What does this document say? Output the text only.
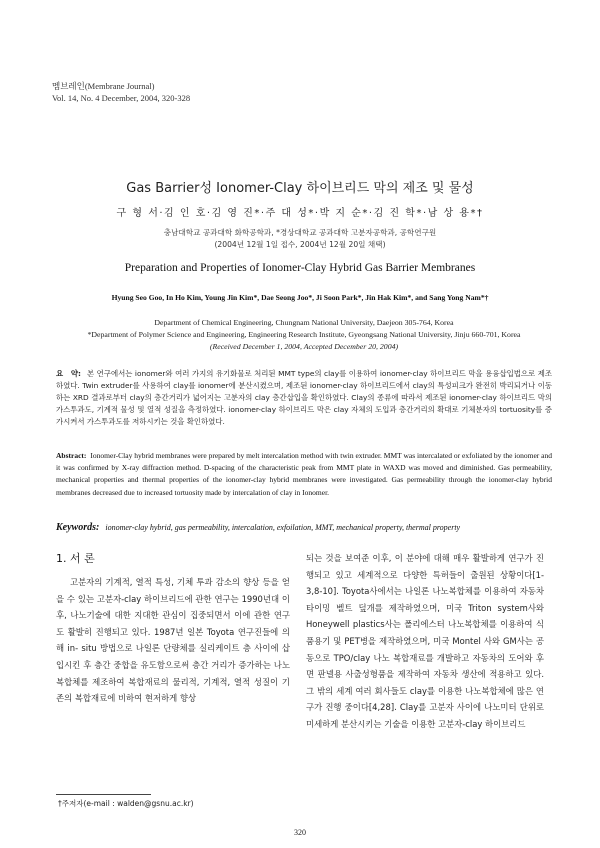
멤브레인(Membrane Journal)
Vol. 14, No. 4 December, 2004, 320-328
Gas Barrier성 Ionomer-Clay 하이브리드 막의 제조 및 물성
구 형 서·김 인 호·김 영 진*·주 대 성*·박 지 순*·김 진 학*·남 상 용*†
충남대학교 공과대학 화학공학과, *경상대학교 공과대학 고분자공학과, 공학연구원
(2004년 12월 1일 접수, 2004년 12월 20일 채택)
Preparation and Properties of Ionomer-Clay Hybrid Gas Barrier Membranes
Hyung Seo Goo, In Ho Kim, Young Jin Kim*, Dae Seong Joo*, Ji Soon Park*, Jin Hak Kim*, and Sang Yong Nam*†
Department of Chemical Engineering, Chungnam National University, Daejeon 305-764, Korea
*Department of Polymer Science and Engineering, Engineering Research Institute, Gyeongsang National University, Jinju 660-701, Korea
(Received December 1, 2004, Accepted December 20, 2004)
요　약: 본 연구에서는 ionomer와 여러 가지의 유기화물로 처리된 MMT type의 clay를 이용하여 ionomer-clay 하이브리드 막을 용융삽입법으로 제조하였다. Twin extruder를 사용하여 clay를 ionomer에 분산시켰으며, 제조된 ionomer-clay 하이브리드에서 clay의 특성피크가 완전히 박리되거나 이동하는 XRD 결과로부터 clay의 층간거리가 넓어지는 고분자의 clay 층간삽입을 확인하였다. Clay의 종류에 따라서 제조된 ionomer-clay 하이브리드 막의 가스투과도, 기계적 물성 및 열적 성질을 측정하였다. ionomer-clay 하이브리드 막은 clay 자체의 도입과 층간거리의 확대로 기체분자의 tortuosity를 증가시켜서 가스투과도를 저하시키는 것을 확인하였다.
Abstract: Ionomer-Clay hybrid membranes were prepared by melt intercalation method with twin extruder. MMT was intercalated or exfoliated by the ionomer and it was confirmed by X-ray diffraction method. D-spacing of the characteristic peak from MMT plate in WAXD was moved and diminished. Gas permeability, mechanical properties and thermal properties of the ionomer-clay hybrid membranes were investigated. Gas permeability through the ionomer-clay hybrid membranes decreased due to increased tortuosity made by intercalation of clay in Ionomer.
Keywords: ionomer-clay hybrid, gas permeability, intercalation, exfoilation, MMT, mechanical property, thermal property
1. 서 론
고분자의 기계적, 열적 특성, 기체 투과 감소의 향상 등을 얻을 수 있는 고분자-clay 하이브리드에 관한 연구는 1990년대 이후, 나노기술에 대한 지대한 관심이 집중되면서 이에 관한 연구도 활발히 진행되고 있다. 1987년 일본 Toyota 연구진들에 의해 in- situ 방법으로 나일론 단량체를 실리케이트 층 사이에 삽입시킨 후 층간 중합을 유도함으로써 층간 거리가 증가하는 나노복합체를 제조하여 복합재료의 물리적, 기계적, 열적 성질이 기존의 복합재료에 비하여 현저하게 향상
되는 것을 보여준 이후, 이 분야에 대해 매우 활발하게 연구가 진행되고 있고 세계적으로 다양한 특허들이 출원된 상황이다[1-3,8-10]. Toyota사에서는 나일론 나노복합체를 이용하여 자동차 타이밍 벨트 덮개를 제작하였으며, 미국 Triton system사와 Honeywell plastics사는 폴리에스터 나노복합체를 이용하여 식품용기 및 PET병을 제작하였으며, 미국 Montel 사와 GM사는 공동으로 TPO/clay 나노 복합재료를 개발하고 자동차의 도어와 후면 판넬용 사출성형품을 제작하여 자동차 생산에 적용하고 있다. 그 밖의 세계 여러 회사들도 clay를 이용한 나노복합체에 많은 연구가 진행 중이다[4,28]. Clay를 고분자 사이에 나노미터 단위로 미세하게 분산시키는 기술을 이용한 고분자-clay 하이브리드
†주저자(e-mail : walden@gsnu.ac.kr)
320
